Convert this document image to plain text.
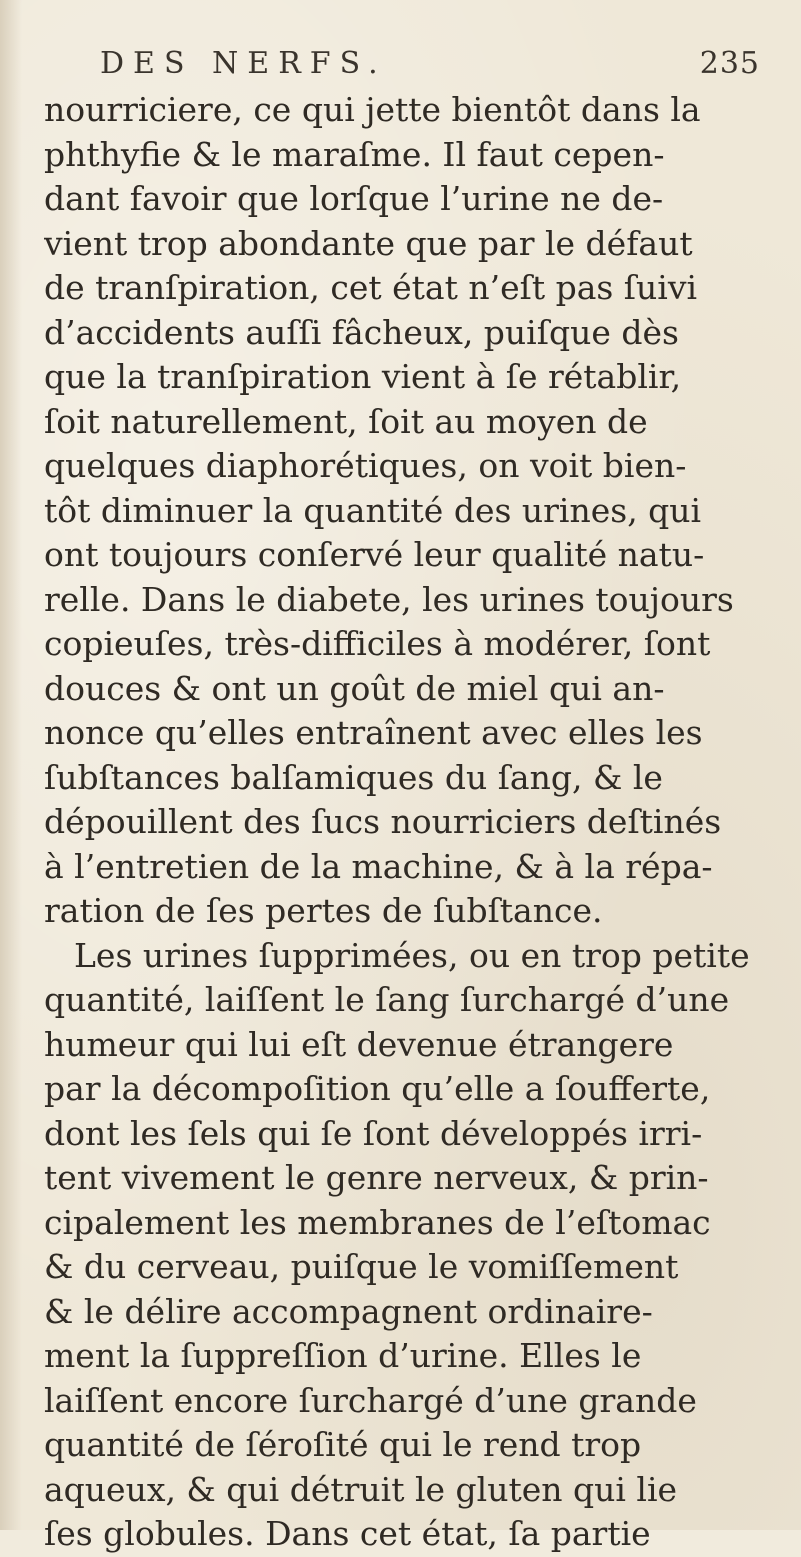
DES NERFS.	235
nourriciere, ce qui jette bientôt dans la
phthyfie & le maraſme. Il faut cepen-
dant favoir que lorſque l’urine ne de-
vient trop abondante que par le défaut
de tranſpiration, cet état n’eſt pas ſuivi
d’accidents auſſi fâcheux, puiſque dès
que la tranſpiration vient à ſe rétablir,
ſoit naturellement, ſoit au moyen de
quelques diaphorétiques, on voit bien-
tôt diminuer la quantité des urines, qui
ont toujours conſervé leur qualité natu-
relle. Dans le diabete, les urines toujours
copieuſes, très-difficiles à modérer, ſont
douces & ont un goût de miel qui an-
nonce qu’elles entraînent avec elles les
ſubſtances balſamiques du ſang, & le
dépouillent des ſucs nourriciers deſtinés
à l’entretien de la machine, & à la répa-
ration de ſes pertes de ſubſtance.
Les urines ſupprimées, ou en trop petite
quantité, laiſſent le ſang ſurchargé d’une
humeur qui lui eſt devenue étrangere
par la décompoſition qu’elle a ſoufferte,
dont les ſels qui ſe ſont développés irri-
tent vivement le genre nerveux, & prin-
cipalement les membranes de l’eſtomac
& du cerveau, puiſque le vomiſſement
& le délire accompagnent ordinaire-
ment la ſuppreſſion d’urine. Elles le
laiſſent encore ſurchargé d’une grande
quantité de ſéroſité qui le rend trop
aqueux, & qui détruit le gluten qui lie
ſes globules. Dans cet état, ſa partie
